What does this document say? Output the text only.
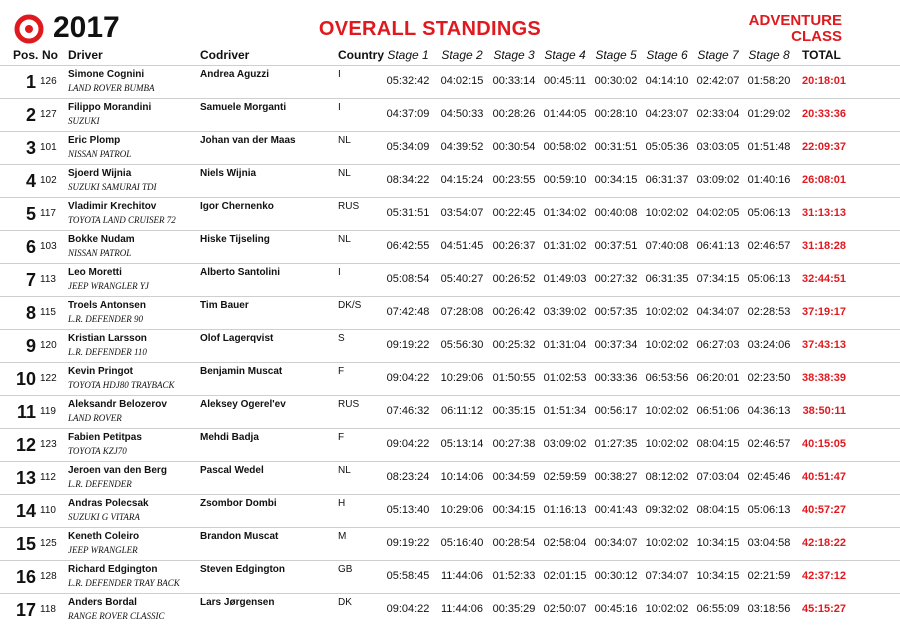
2017	OVERALL STANDINGS	ADVENTURE
CLASS
Pos. No Driver	Codriver	Country Stage 1	Stage 2 Stage 3 Stage 4 Stage 5 Stage 6 Stage 7 Stage 8	TOTAL
1 126
Simone Cognini
LAND ROVER BUMBA
Andrea Aguzzi	I
05:32:42	04:02:15 00:33:14 00:45:11 00:30:02 04:14:10 02:42:07 01:58:20	20:18:01
2 127
Filippo Morandini
SUZUKI
Samuele Morganti	I
04:37:09	04:50:33 00:28:26 01:44:05 00:28:10 04:23:07 02:33:04 01:29:02	20:33:36
3 101
Eric Plomp
NISSAN PATROL
Johan van der Maas	NL
05:34:09	04:39:52 00:30:54 00:58:02 00:31:51 05:05:36 03:03:05 01:51:48	22:09:37
4 102
Sjoerd Wijnia
SUZUKI SAMURAI TDI
Niels Wijnia	NL
08:34:22	04:15:24 00:23:55 00:59:10 00:34:15 06:31:37 03:09:02 01:40:16	26:08:01
5 117
Vladimir Krechitov
TOYOTA LAND CRUISER 72
Igor Chernenko	RUS
05:31:51	03:54:07 00:22:45 01:34:02 00:40:08 10:02:02 04:02:05 05:06:13	31:13:13
6 103
Bokke Nudam
NISSAN PATROL
Hiske Tijseling	NL
06:42:55	04:51:45 00:26:37 01:31:02 00:37:51 07:40:08 06:41:13 02:46:57	31:18:28
7 113
Leo Moretti
JEEP WRANGLER YJ
Alberto Santolini	I
05:08:54	05:40:27 00:26:52 01:49:03 00:27:32 06:31:35 07:34:15 05:06:13	32:44:51
8 115
Troels Antonsen
L.R. DEFENDER 90
Tim Bauer	DK/S
07:42:48	07:28:08 00:26:42 03:39:02 00:57:35 10:02:02 04:34:07 02:28:53	37:19:17
9 120
Kristian Larsson
L.R. DEFENDER 110
Olof Lagerqvist	S
09:19:22	05:56:30 00:25:32 01:31:04 00:37:34 10:02:02 06:27:03 03:24:06	37:43:13
10 122
Kevin Pringot
TOYOTA HDJ80 TRAYBACK
Benjamin Muscat	F
09:04:22	10:29:06 01:50:55 01:02:53 00:33:36 06:53:56 06:20:01 02:23:50	38:38:39
11 119
Aleksandr Belozerov
LAND ROVER
Aleksey Ogerel'ev	RUS
07:46:32	06:11:12 00:35:15 01:51:34 00:56:17 10:02:02 06:51:06 04:36:13	38:50:11
12 123
Fabien Petitpas
TOYOTA KZJ70
Mehdi Badja	F
09:04:22	05:13:14 00:27:38 03:09:02 01:27:35 10:02:02 08:04:15 02:46:57	40:15:05
13 112
Jeroen van den Berg
L.R. DEFENDER
Pascal Wedel	NL
08:23:24	10:14:06 00:34:59 02:59:59 00:38:27 08:12:02 07:03:04 02:45:46	40:51:47
14 110
Andras Polecsak
SUZUKI G VITARA
Zsombor Dombi	H
05:13:40	10:29:06 00:34:15 01:16:13 00:41:43 09:32:02 08:04:15 05:06:13	40:57:27
15 125
Keneth Coleiro
JEEP WRANGLER
Brandon Muscat	M
09:19:22	05:16:40 00:28:54 02:58:04 00:34:07 10:02:02 10:34:15 03:04:58	42:18:22
16 128
Richard Edgington
L.R. DEFENDER TRAY BACK
Steven Edgington	GB
05:58:45	11:44:06 01:52:33 02:01:15 00:30:12 07:34:07 10:34:15 02:21:59	42:37:12
17 118
Anders Bordal
RANGE ROVER CLASSIC
Lars Jørgensen	DK
09:04:22	11:44:06 00:35:29 02:50:07 00:45:16 10:02:02 06:55:09 03:18:56	45:15:27
